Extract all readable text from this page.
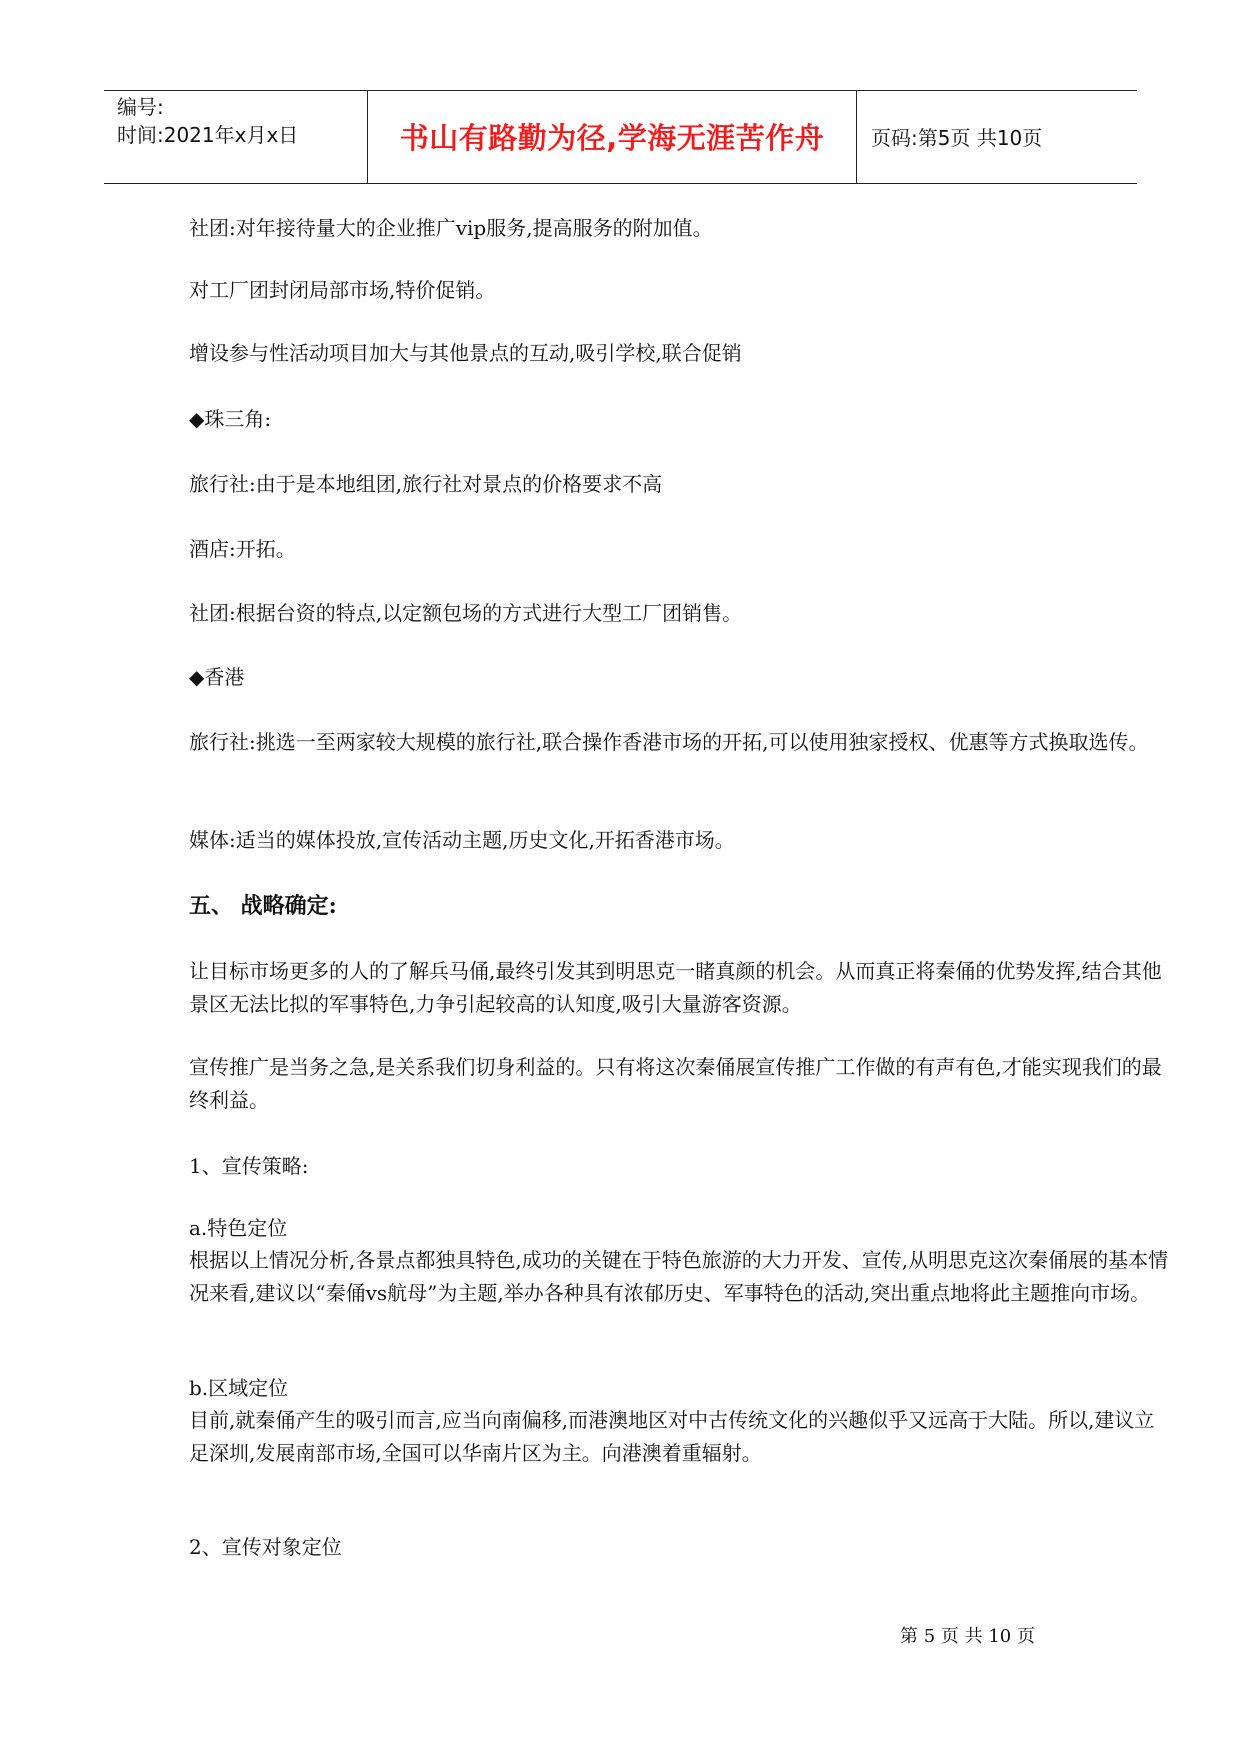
编号:
时间:2021年x月x日	书山有路勤为径,学海无涯苦作舟	页码:第5页 共10页

社团:对年接待量大的企业推广vip服务,提高服务的附加值。

对工厂团封闭局部市场,特价促销。

增设参与性活动项目加大与其他景点的互动,吸引学校,联合促销

◆珠三角:

旅行社:由于是本地组团,旅行社对景点的价格要求不高

酒店:开拓。

社团:根据台资的特点,以定额包场的方式进行大型工厂团销售。

◆香港

旅行社:挑选一至两家较大规模的旅行社,联合操作香港市场的开拓,可以使用独家授权、优惠等方式换取选传。

媒体:适当的媒体投放,宣传活动主题,历史文化,开拓香港市场。

五、 战略确定:

让目标市场更多的人的了解兵马俑,最终引发其到明思克一睹真颜的机会。从而真正将秦俑的优势发挥,结合其他景区无法比拟的军事特色,力争引起较高的认知度,吸引大量游客资源。

宣传推广是当务之急,是关系我们切身利益的。只有将这次秦俑展宣传推广工作做的有声有色,才能实现我们的最终利益。

1、宣传策略:

a.特色定位

根据以上情况分析,各景点都独具特色,成功的关键在于特色旅游的大力开发、宣传,从明思克这次秦俑展的基本情况来看,建议以“秦俑vs航母”为主题,举办各种具有浓郁历史、军事特色的活动,突出重点地将此主题推向市场。

b.区域定位

目前,就秦俑产生的吸引而言,应当向南偏移,而港澳地区对中古传统文化的兴趣似乎又远高于大陆。所以,建议立足深圳,发展南部市场,全国可以华南片区为主。向港澳着重辐射。

2、宣传对象定位

第 5 页 共 10 页
